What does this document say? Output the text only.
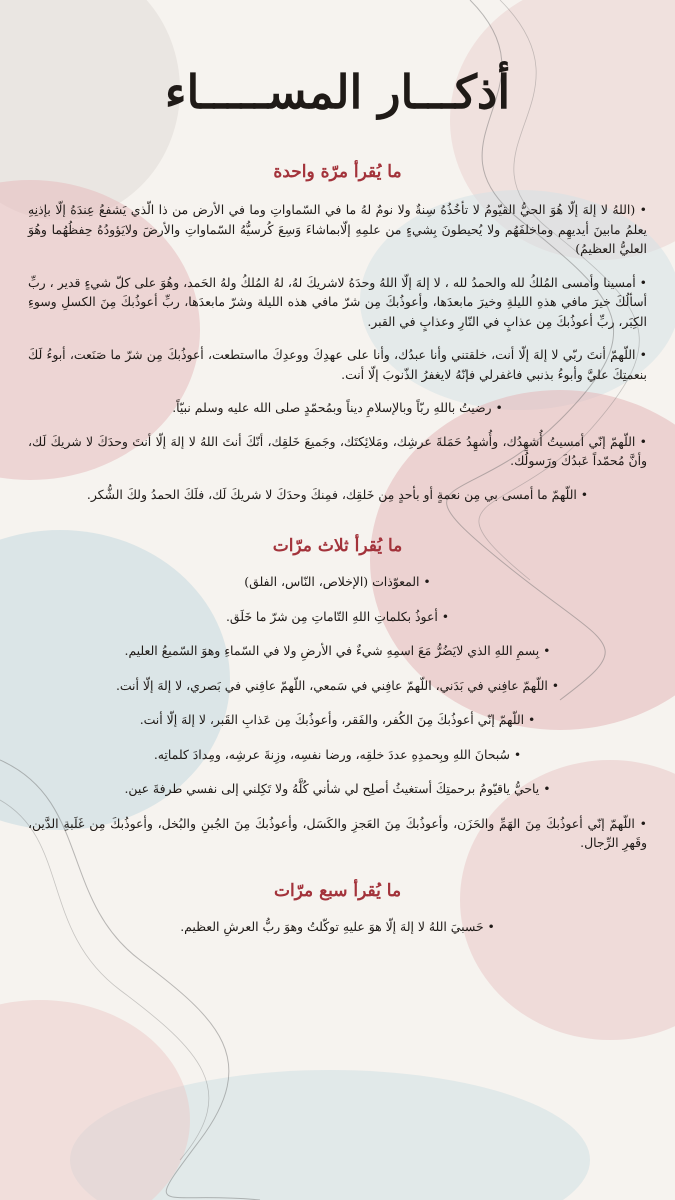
أذكـــار المســـــاء
ما يُقرأ مرّة واحدة

• (اللهُ لا إلهَ إلّا هُوَ الحيُّ القيّومُ لا تأخُذُهُ سِنةٌ ولا نومٌ لهُ ما في السّماواتِ وما في الأرض من ذا الّذي يَشفعُ عِندَهُ إلّا بإذنِهِ يعلمُ مابينَ أيديهِم وماخلفَهُم ولا يُحيطونَ بِشيءٍ من علمِهِ إلّابماشاءَ وَسِعَ كُرسيُّهُ السّماواتِ والأرضَ ولايَؤودُهُ حِفظُهُما وهُوَ العليُّ العظيمُ)

• أمسينا وأمسى المُلكُ لله والحمدُ لله ، لا إلهَ إلّا اللهُ وحدَهُ لاشريكَ لهُ، لهُ المُلكُ ولهُ الحَمد، وهُوَ على كلّ شيءٍ قدير ، ربِّ أسألُكَ خيرَ مافي هذهِ الليلةِ وخيرَ مابعدَها، وأعوذُبكَ مِن شرّ مافي هذه الليلة وشرّ مابعدَها، ربِّ أعوذُبكَ مِنَ الكسلِ وسوءِ الكِبَر، ربِّ أعوذُبكَ مِن عذابٍ في النّارِ وعذابٍ في القبر.

• اللّهمّ أنتَ ربّي لا إلهَ إلّا أنت، خلقتني وأنا عبدُك، وأنا على عهدِكَ ووعدِكَ مااستطعت، أعوذُبكَ مِن شرّ ما صَنَعت، أبوءُ لَكَ بنعمتِكَ عليَّ وأبوءُ بذنبي فاغفرلي فإنّهُ لايغفرُ الذّنوبَ إلّا أنت.

• رضيتُ باللهِ ربّاً وبالإسلامِ ديناً وبمُحمّدٍ صلى الله عليه وسلم نبيّاً.

• اللّهمّ إنّي أمسيتُ أُشهِدُك، وأُشهِدُ حَمَلةَ عرشِك، ومَلائِكتَك، وجَميعَ خَلقِك، أنّكَ أنتَ اللهُ لا إلهَ إلّا أنتَ وحدَكَ لا شريكَ لَك، وأنَّ مُحمّداً عَبدُكَ ورَسولُك.

• اللّهمّ ما أمسى بي مِن نعمةٍ أو بأحدٍ مِن خَلقِك، فمِنكَ وحدَكَ لا شريكَ لَك، فلَكَ الحمدُ ولكَ الشُّكر.

ما يُقرأ ثلاث مرّات

• المعوّذات (الإخلاص، النّاس، الفلق)

• أعوذُ بكلماتِ اللهِ التّاماتِ مِن شرّ ما خَلَق.

• بِسمِ اللهِ الذي لايَضُرُّ مَعَ اسمِهِ شيءٌ في الأرضِ ولا في السّماءِ وهوَ السّميعُ العليم.

• اللّهمّ عافِني في بَدَني، اللّهمّ عافِني في سَمعي، اللّهمّ عافِني في بَصري، لا إلهَ إلّا أنت.

• اللّهمّ إنّي أعوذُبكَ مِنَ الكُفر، والفَقر، وأعوذُبكَ مِن عَذابِ القَبر، لا إلهَ إلّا أنت.

• سُبحانَ اللهِ وبِحمدِهِ عددَ خلقِه، ورضا نفسِه، وزِنةَ عرشِه، ومِدادَ كلماتِه.

• ياحيُّ ياقيّومُ برحمتِكَ أستغيثُ أصلِح لي شأني كُلَّهُ ولا تَكِلني إلى نفسي طرفةَ عين.

• اللّهمّ إنّي أعوذُبكَ مِنَ الهَمِّ والحَزَن، وأعوذُبكَ مِنَ العَجزِ والكَسَل، وأعوذُبكَ مِنَ الجُبنِ والبُخل، وأعوذُبكَ مِن غَلَبةِ الدَّين، وقَهرِ الرِّجال.

ما يُقرأ سبع مرّات

• حَسبيَ اللهُ لا إلهَ إلّا هوَ عليهِ توكّلتُ وهوَ ربُّ العرشِ العظيم.
